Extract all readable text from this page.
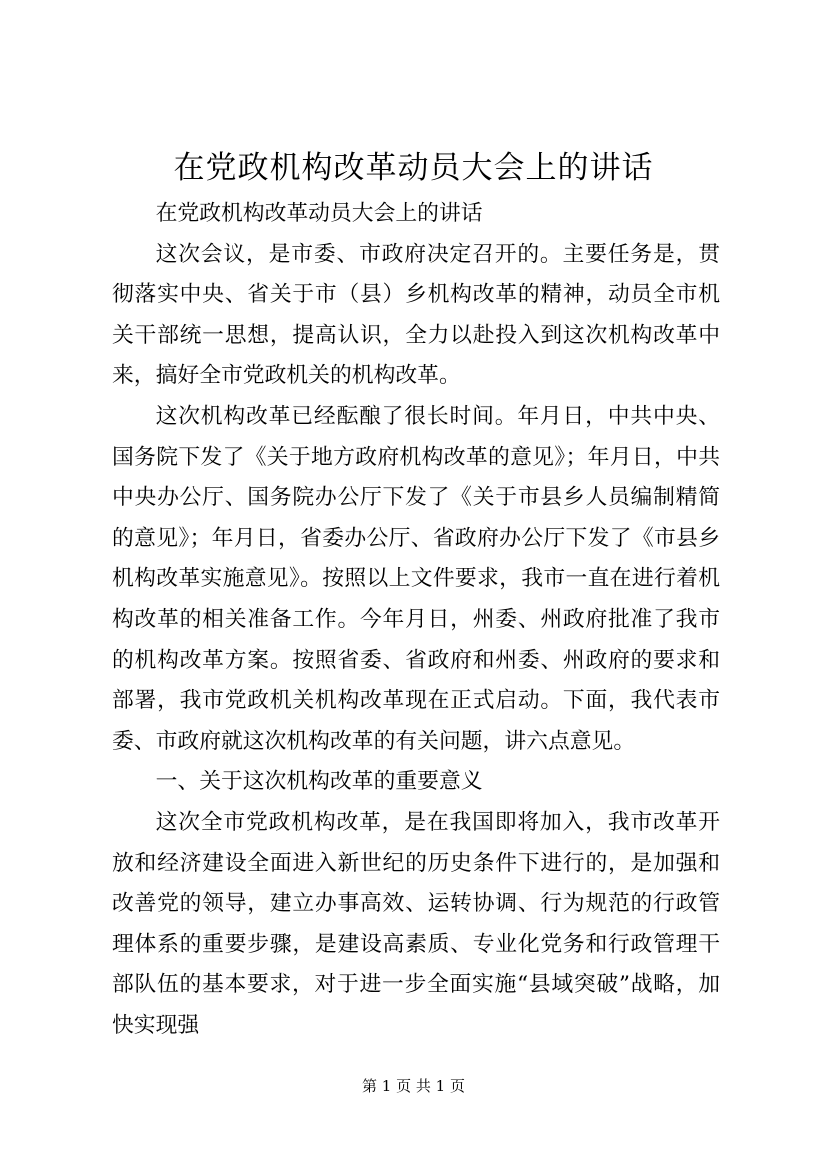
在党政机构改革动员大会上的讲话

在党政机构改革动员大会上的讲话

这次会议，是市委、市政府决定召开的。主要任务是，贯彻落实中央、省关于市（县）乡机构改革的精神，动员全市机关干部统一思想，提高认识，全力以赴投入到这次机构改革中来，搞好全市党政机关的机构改革。

这次机构改革已经酝酿了很长时间。年月日，中共中央、国务院下发了《关于地方政府机构改革的意见》；年月日，中共中央办公厅、国务院办公厅下发了《关于市县乡人员编制精简的意见》；年月日，省委办公厅、省政府办公厅下发了《市县乡机构改革实施意见》。按照以上文件要求，我市一直在进行着机构改革的相关准备工作。今年月日，州委、州政府批准了我市的机构改革方案。按照省委、省政府和州委、州政府的要求和部署，我市党政机关机构改革现在正式启动。下面，我代表市委、市政府就这次机构改革的有关问题，讲六点意见。

一、关于这次机构改革的重要意义

这次全市党政机构改革，是在我国即将加入，我市改革开放和经济建设全面进入新世纪的历史条件下进行的，是加强和改善党的领导，建立办事高效、运转协调、行为规范的行政管理体系的重要步骤，是建设高素质、专业化党务和行政管理干部队伍的基本要求，对于进一步全面实施“县域突破”战略，加快实现强

第 1 页 共 1 页
